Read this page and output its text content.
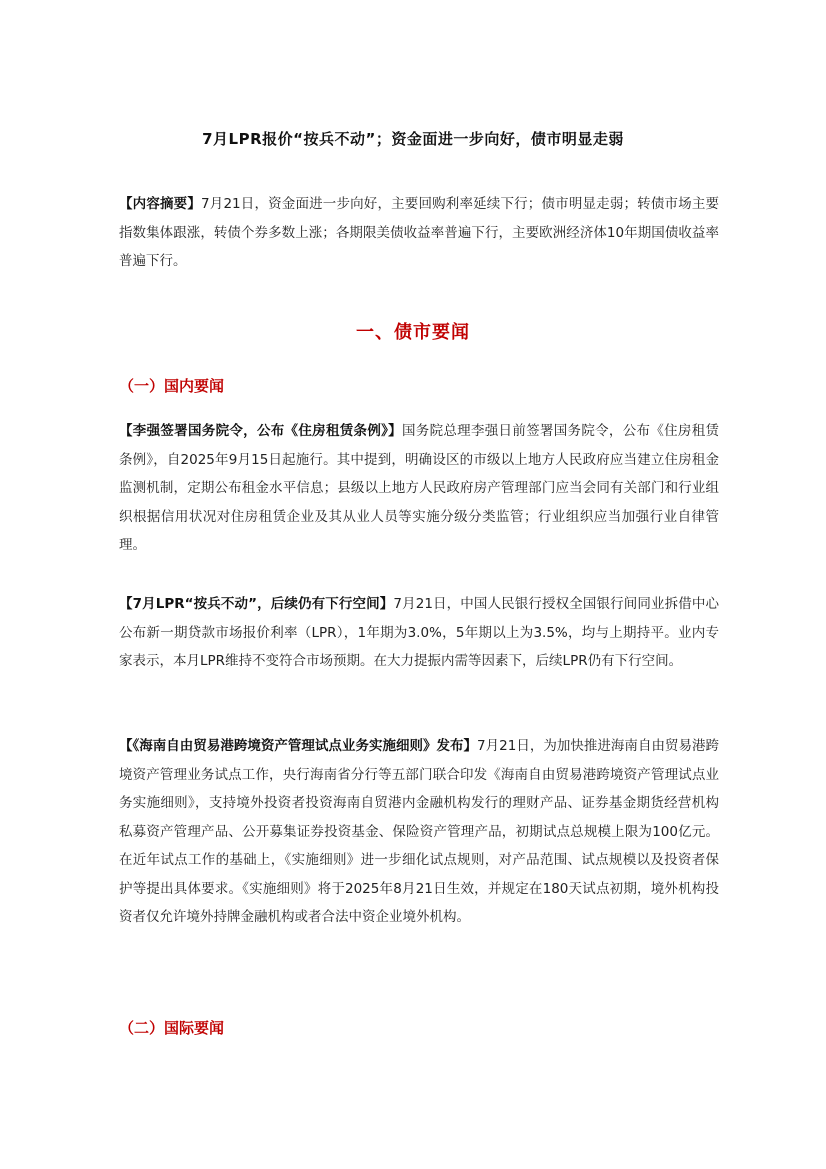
7月LPR报价“按兵不动”；资金面进一步向好，债市明显走弱
【内容摘要】7月21日，资金面进一步向好，主要回购利率延续下行；债市明显走弱；转债市场主要指数集体跟涨，转债个券多数上涨；各期限美债收益率普遍下行，主要欧洲经济体10年期国债收益率普遍下行。
一、债市要闻
（一）国内要闻
【李强签署国务院令，公布《住房租赁条例》】国务院总理李强日前签署国务院令，公布《住房租赁条例》，自2025年9月15日起施行。其中提到，明确设区的市级以上地方人民政府应当建立住房租金监测机制，定期公布租金水平信息；县级以上地方人民政府房产管理部门应当会同有关部门和行业组织根据信用状况对住房租赁企业及其从业人员等实施分级分类监管；行业组织应当加强行业自律管理。
【7月LPR“按兵不动”，后续仍有下行空间】7月21日，中国人民银行授权全国银行间同业拆借中心公布新一期贷款市场报价利率（LPR），1年期为3.0%，5年期以上为3.5%，均与上期持平。业内专家表示，本月LPR维持不变符合市场预期。在大力提振内需等因素下，后续LPR仍有下行空间。
【《海南自由贸易港跨境资产管理试点业务实施细则》发布】7月21日，为加快推进海南自由贸易港跨境资产管理业务试点工作，央行海南省分行等五部门联合印发《海南自由贸易港跨境资产管理试点业务实施细则》，支持境外投资者投资海南自贸港内金融机构发行的理财产品、证券基金期货经营机构私募资产管理产品、公开募集证券投资基金、保险资产管理产品，初期试点总规模上限为100亿元。在近年试点工作的基础上，《实施细则》进一步细化试点规则，对产品范围、试点规模以及投资者保护等提出具体要求。《实施细则》将于2025年8月21日生效，并规定在180天试点初期，境外机构投资者仅允许境外持牌金融机构或者合法中资企业境外机构。
（二）国际要闻
